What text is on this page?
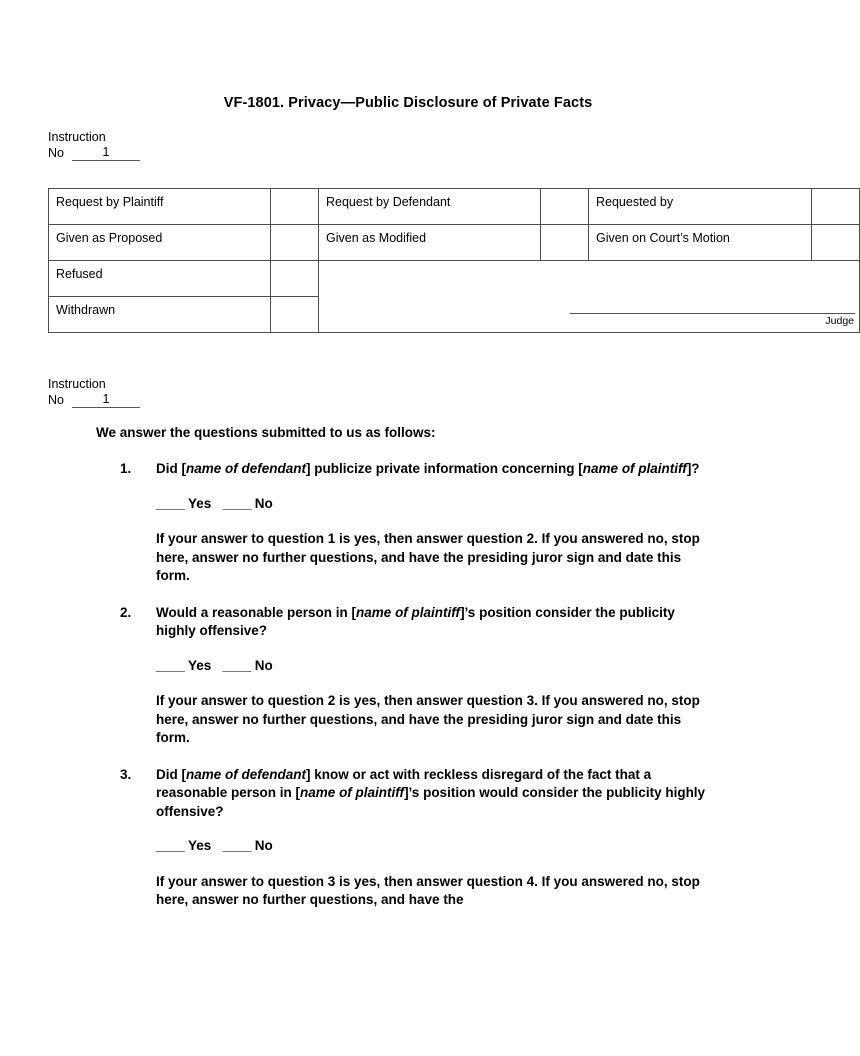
VF-1801. Privacy—Public Disclosure of Private Facts
Instruction
No	1
Request by Plaintiff		Request by Defendant		Requested by	

Given as Proposed		Given as Modified		Given on Court’s Motion	

Refused		Judge			

Withdrawn					

Instruction
No	1
We answer the questions submitted to us as follows:
1.	Did [name of defendant] publicize private information concerning [name of plaintiff]?
____ Yes ____ No
If your answer to question 1 is yes, then answer question 2. If you answered no, stop here, answer no further questions, and have the presiding juror sign and date this form.
2.	Would a reasonable person in [name of plaintiff]’s position consider the publicity highly offensive?
____ Yes ____ No
If your answer to question 2 is yes, then answer question 3. If you answered no, stop here, answer no further questions, and have the presiding juror sign and date this form.
3.	Did [name of defendant] know or act with reckless disregard of the fact that a reasonable person in [name of plaintiff]’s position would consider the publicity highly offensive?
____ Yes ____ No
If your answer to question 3 is yes, then answer question 4. If you answered no, stop here, answer no further questions, and have the
